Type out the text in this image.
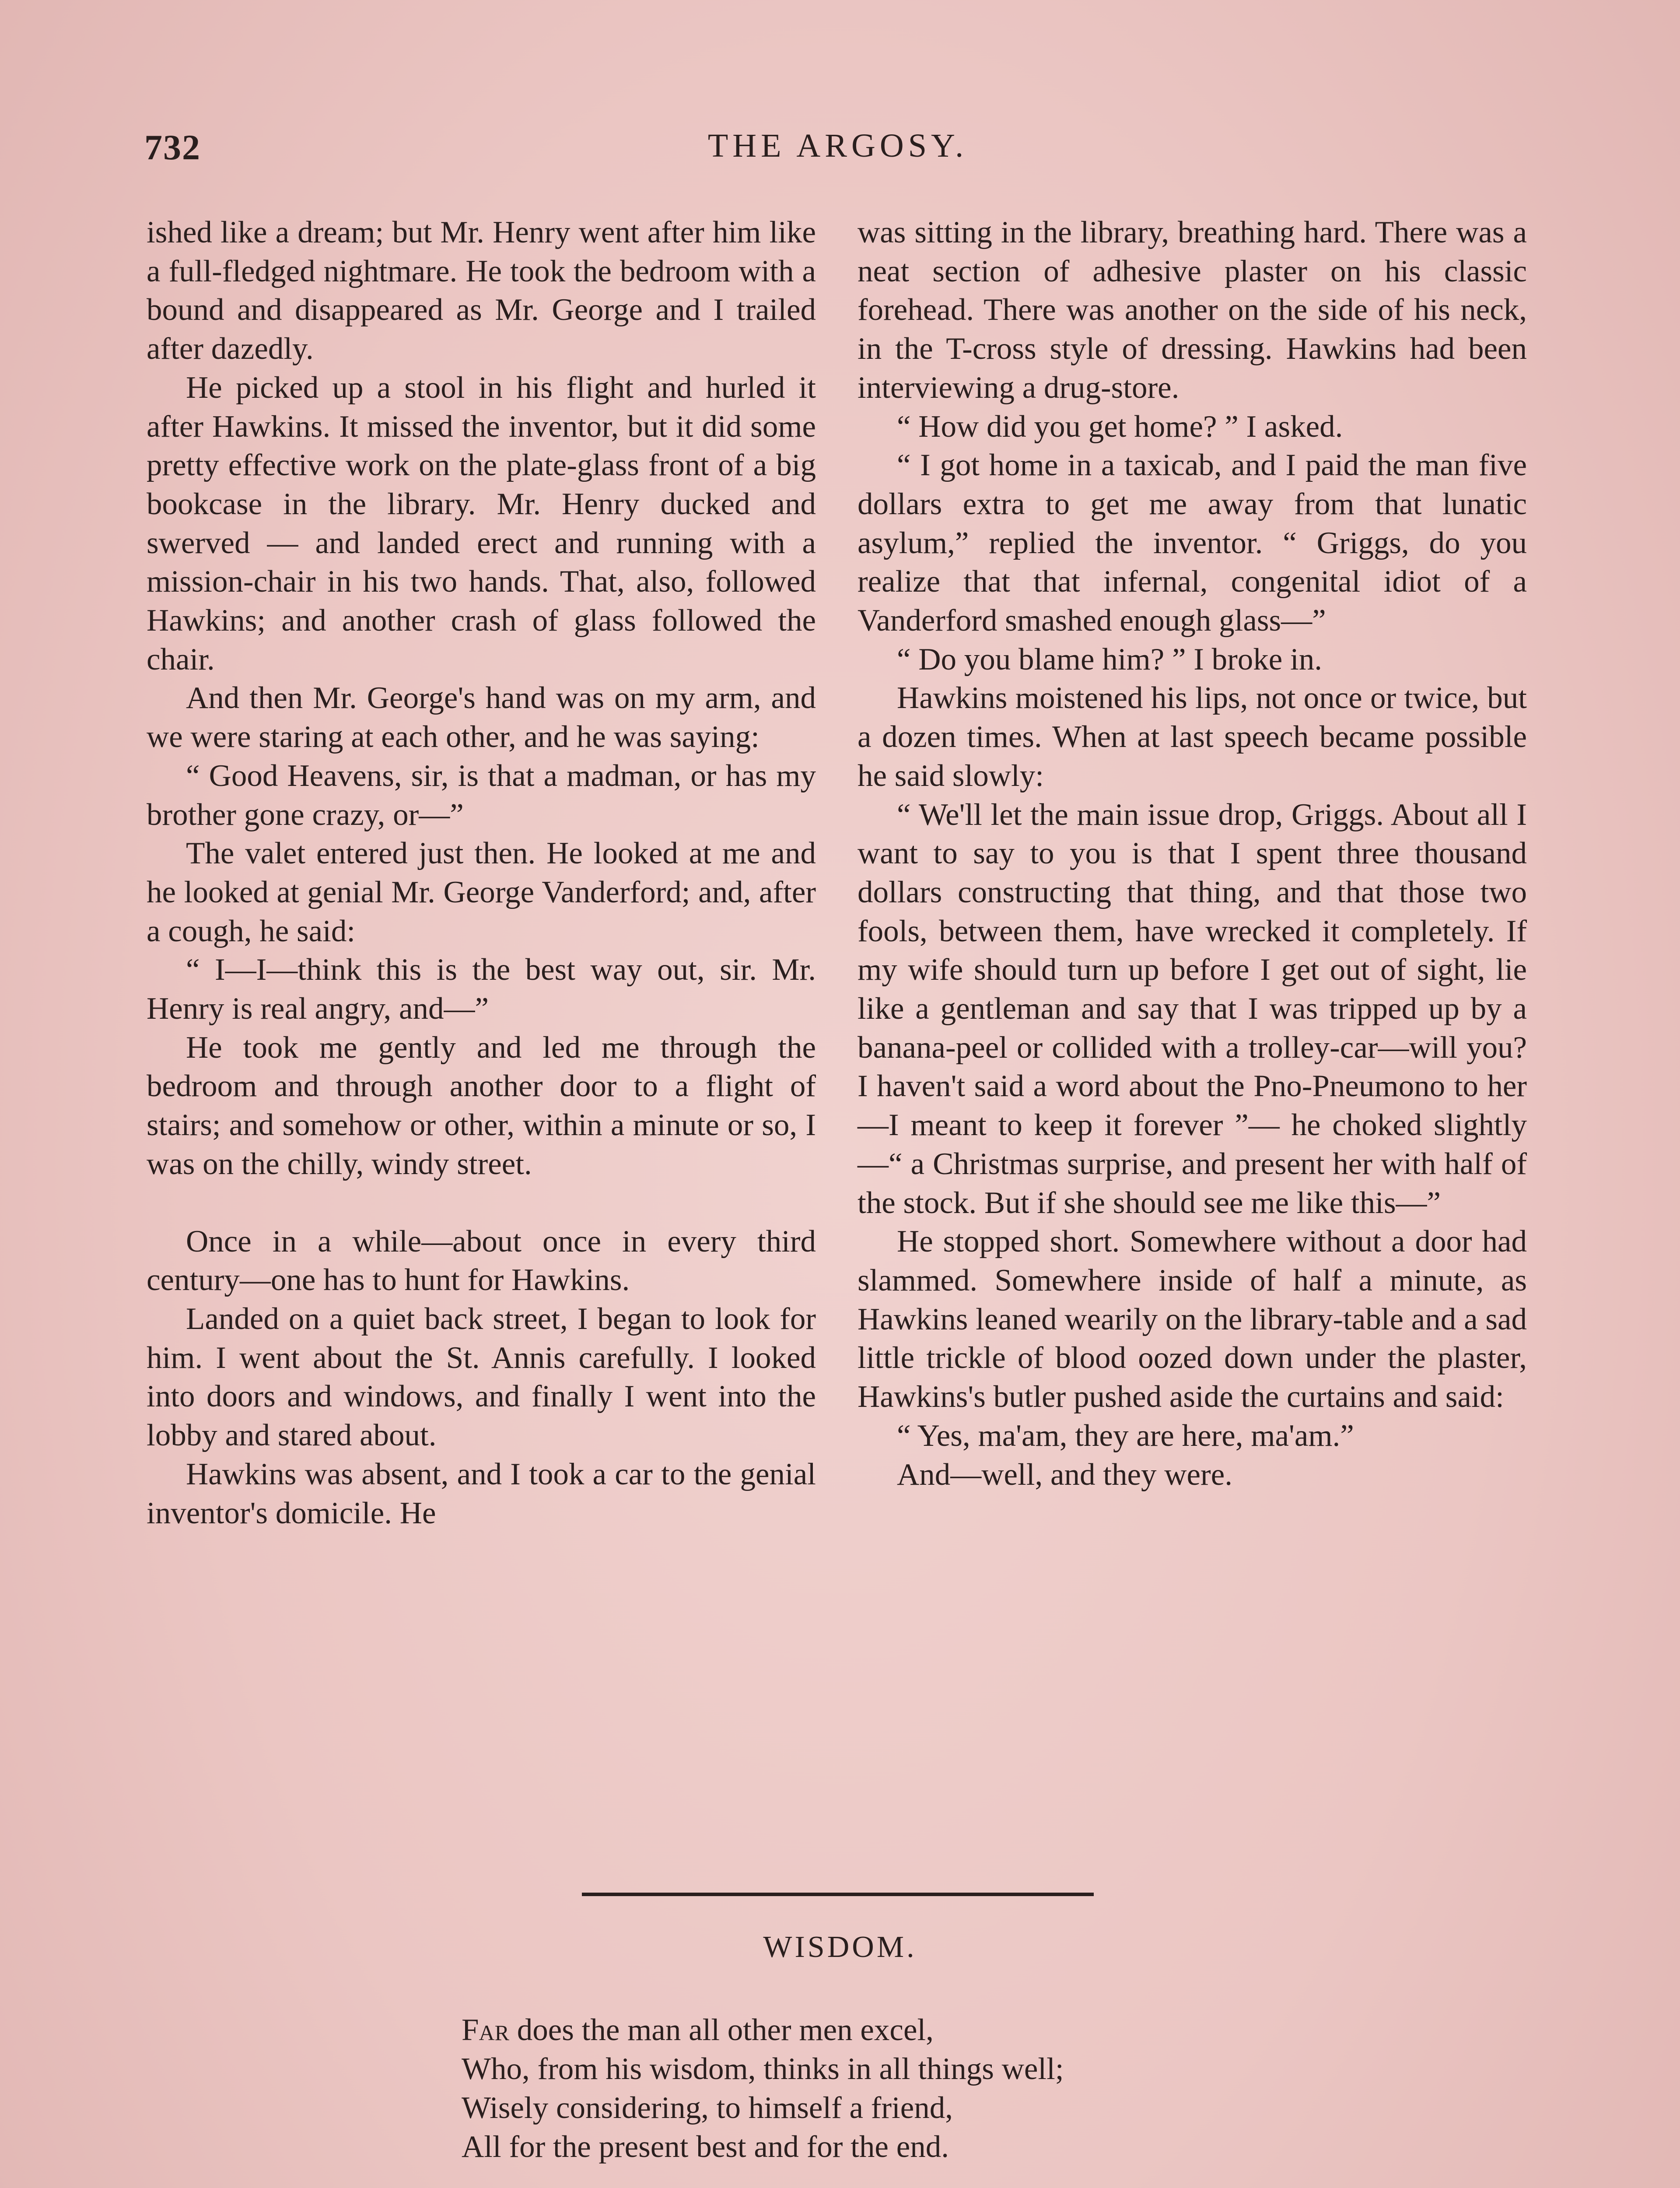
THE ARGOSY.
732

ished like a dream; but Mr. Henry went after him like a full-fledged nightmare. He took the bedroom with a bound and disappeared as Mr. George and I trailed after dazedly.

He picked up a stool in his flight and hurled it after Hawkins. It missed the inventor, but it did some pretty effective work on the plate-glass front of a big bookcase in the library. Mr. Henry ducked and swerved — and landed erect and running with a mission-chair in his two hands. That, also, followed Hawkins; and another crash of glass followed the chair.

And then Mr. George's hand was on my arm, and we were staring at each other, and he was saying:

“ Good Heavens, sir, is that a madman, or has my brother gone crazy, or—”

The valet entered just then. He looked at me and he looked at genial Mr. George Vanderford; and, after a cough, he said:

“ I—I—think this is the best way out, sir. Mr. Henry is real angry, and—”

He took me gently and led me through the bedroom and through another door to a flight of stairs; and somehow or other, within a minute or so, I was on the chilly, windy street.

Once in a while—about once in every third century—one has to hunt for Hawkins.

Landed on a quiet back street, I began to look for him. I went about the St. Annis carefully. I looked into doors and windows, and finally I went into the lobby and stared about.

Hawkins was absent, and I took a car to the genial inventor's domicile. He

was sitting in the library, breathing hard. There was a neat section of adhesive plaster on his classic forehead. There was another on the side of his neck, in the T-cross style of dressing. Hawkins had been interviewing a drug-store.

“ How did you get home? ” I asked.

“ I got home in a taxicab, and I paid the man five dollars extra to get me away from that lunatic asylum,” replied the inventor. “ Griggs, do you realize that that infernal, congenital idiot of a Vanderford smashed enough glass—”

“ Do you blame him? ” I broke in.

Hawkins moistened his lips, not once or twice, but a dozen times. When at last speech became possible he said slowly:

“ We'll let the main issue drop, Griggs. About all I want to say to you is that I spent three thousand dollars constructing that thing, and that those two fools, between them, have wrecked it completely. If my wife should turn up before I get out of sight, lie like a gentleman and say that I was tripped up by a banana-peel or collided with a trolley-car—will you? I haven't said a word about the Pno-Pneumono to her—I meant to keep it forever ”— he choked slightly—“ a Christmas surprise, and present her with half of the stock. But if she should see me like this—”

He stopped short. Somewhere without a door had slammed. Somewhere inside of half a minute, as Hawkins leaned wearily on the library-table and a sad little trickle of blood oozed down under the plaster, Hawkins's butler pushed aside the curtains and said:

“ Yes, ma'am, they are here, ma'am.”

And—well, and they were.

WISDOM.
Far does the man all other men excel,
Who, from his wisdom, thinks in all things well;
Wisely considering, to himself a friend,
All for the present best and for the end.
